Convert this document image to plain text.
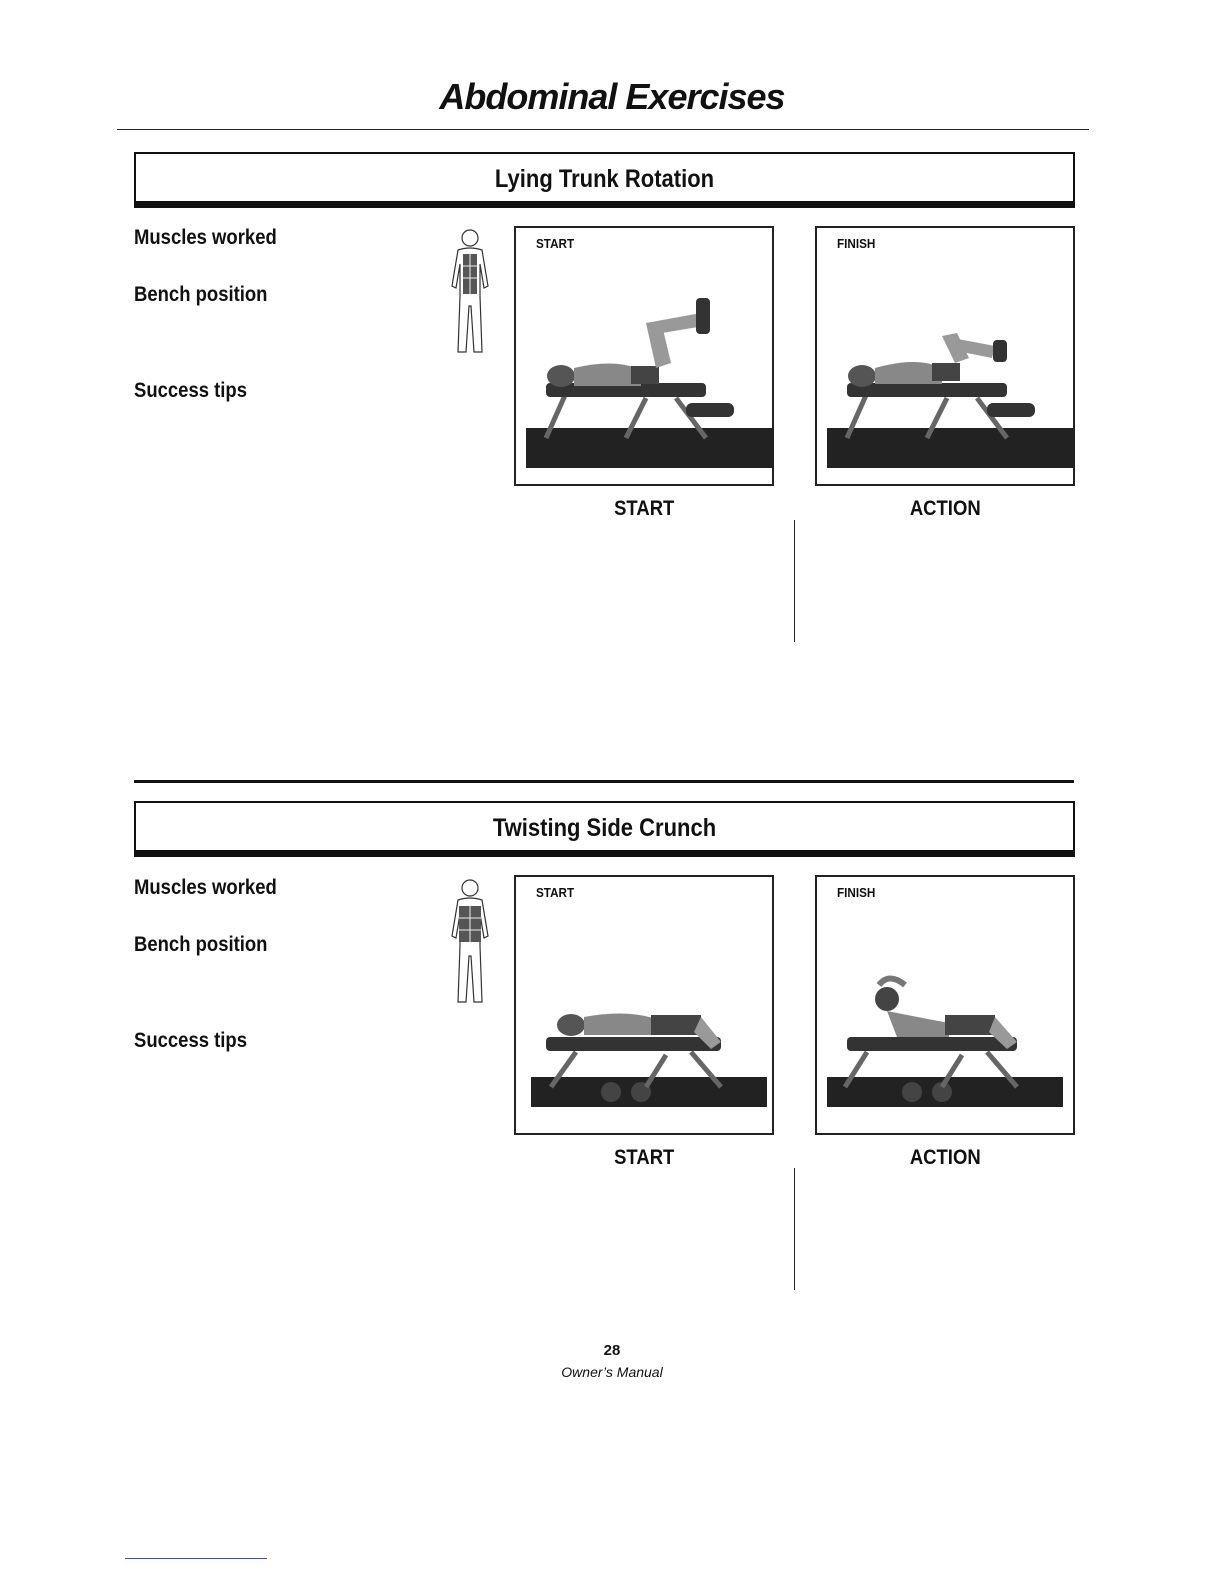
Abdominal Exercises
Lying Trunk Rotation
Muscles worked
Bench position
Success tips
START	FINISH
START	ACTION
Twisting Side Crunch
Muscles worked
Bench position
Success tips
START	FINISH
START	ACTION
28
Owner’s Manual
